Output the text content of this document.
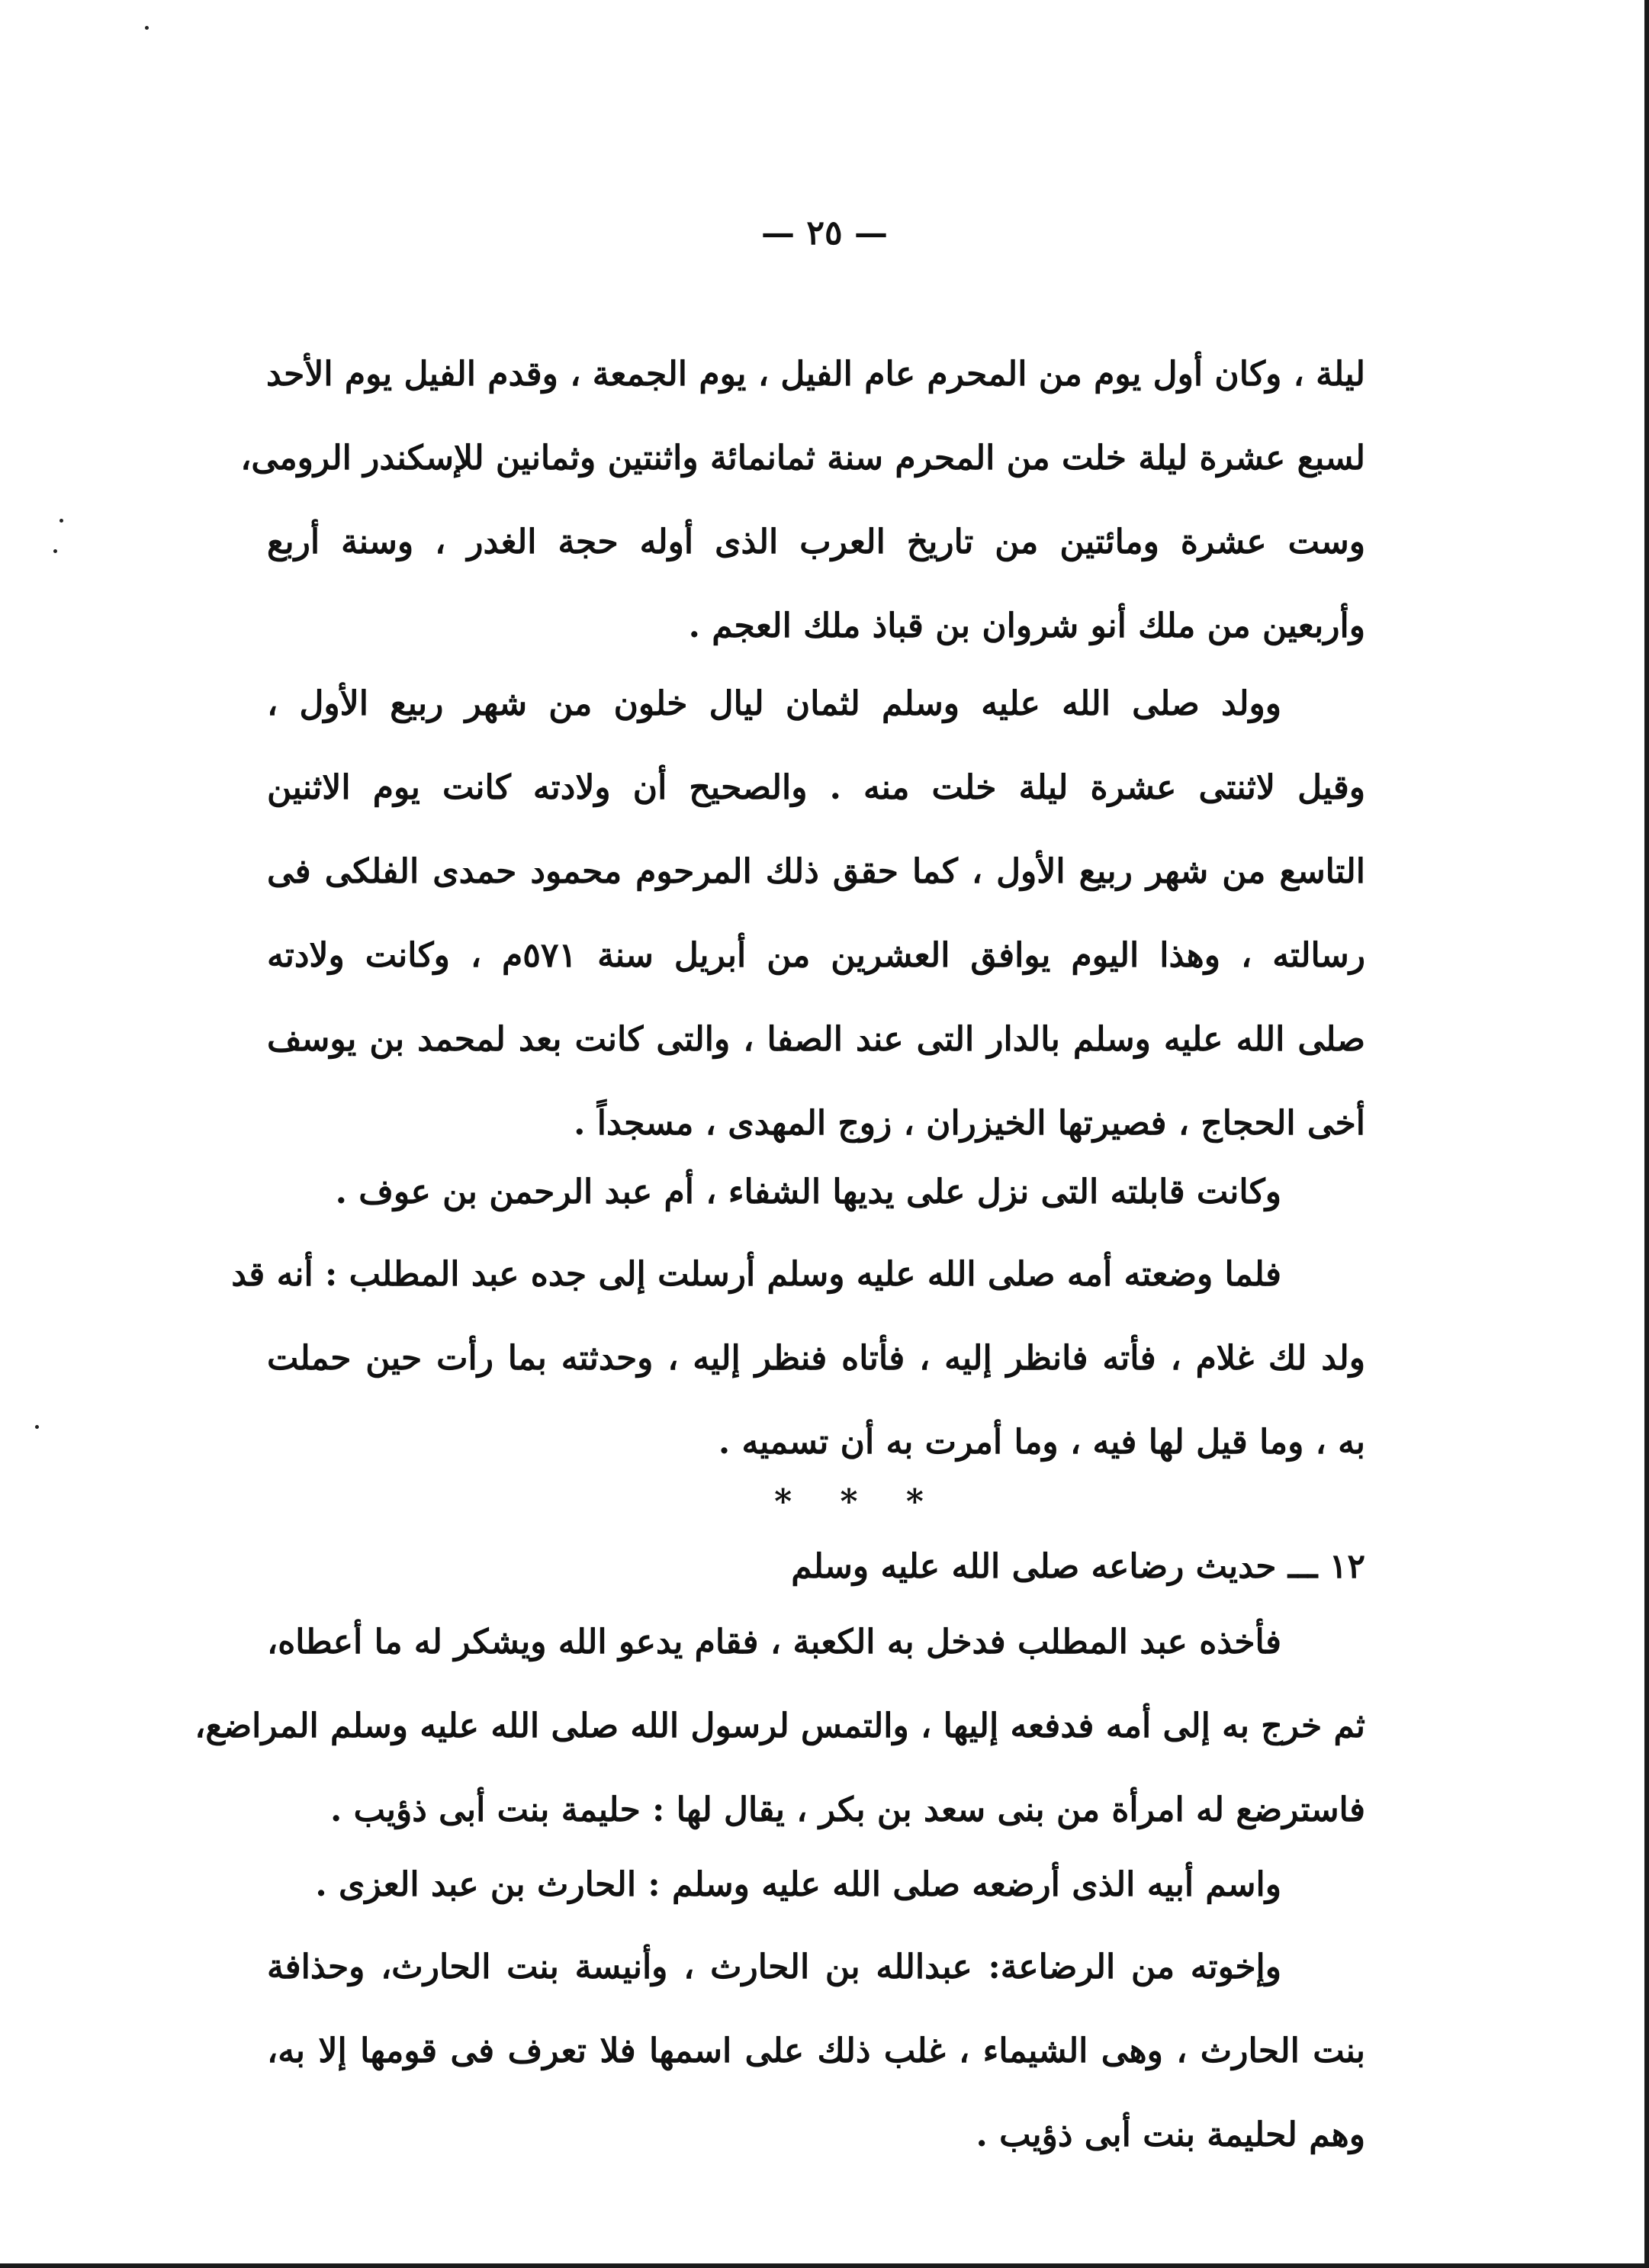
— ٢٥ —
ليلة ، وكان أول يوم من المحرم عام الفيل ، يوم الجمعة ، وقدم الفيل يوم الأحد
لسبع عشرة ليلة خلت من المحرم سنة ثمانمائة واثنتين وثمانين للإسكندر الرومى،
وست عشرة ومائتين من تاريخ العرب الذى أوله حجة الغدر ، وسنة أربع
وأربعين من ملك أنو شروان بن قباذ ملك العجم .
وولد صلى الله عليه وسلم لثمان ليال خلون من شهر ربيع الأول ،
وقيل لاثنتى عشرة ليلة خلت منه . والصحيح أن ولادته كانت يوم الاثنين
التاسع من شهر ربيع الأول ، كما حقق ذلك المرحوم محمود حمدى الفلكى فى
رسالته ، وهذا اليوم يوافق العشرين من أبريل سنة ٥٧١م ، وكانت ولادته
صلى الله عليه وسلم بالدار التى عند الصفا ، والتى كانت بعد لمحمد بن يوسف
أخى الحجاج ، فصيرتها الخيزران ، زوج المهدى ، مسجداً .
وكانت قابلته التى نزل على يديها الشفاء ، أم عبد الرحمن بن عوف .
فلما وضعته أمه صلى الله عليه وسلم أرسلت إلى جده عبد المطلب : أنه قد
ولد لك غلام ، فأته فانظر إليه ، فأتاه فنظر إليه ، وحدثته بما رأت حين حملت
به ، وما قيل لها فيه ، وما أمرت به أن تسميه .
* * *
١٢ ـــ حديث رضاعه صلى الله عليه وسلم
فأخذه عبد المطلب فدخل به الكعبة ، فقام يدعو الله ويشكر له ما أعطاه،
ثم خرج به إلى أمه فدفعه إليها ، والتمس لرسول الله صلى الله عليه وسلم المراضع،
فاسترضع له امرأة من بنى سعد بن بكر ، يقال لها : حليمة بنت أبى ذؤيب .
واسم أبيه الذى أرضعه صلى الله عليه وسلم : الحارث بن عبد العزى .
وإخوته من الرضاعة: عبدالله بن الحارث ، وأنيسة بنت الحارث، وحذافة
بنت الحارث ، وهى الشيماء ، غلب ذلك على اسمها فلا تعرف فى قومها إلا به،
وهم لحليمة بنت أبى ذؤيب .
